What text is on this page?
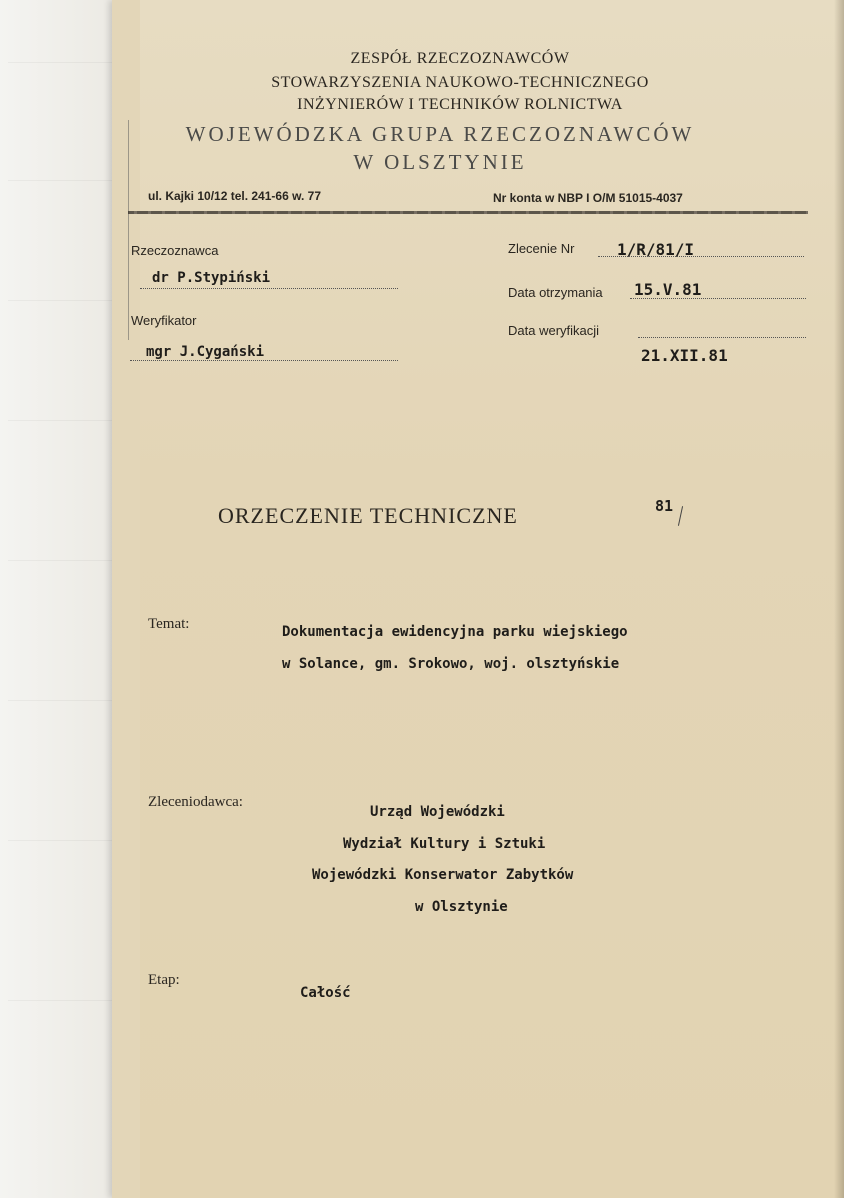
ZESPÓŁ RZECZOZNAWCÓW
STOWARZYSZENIA NAUKOWO-TECHNICZNEGO
INŻYNIERÓW I TECHNIKÓW ROLNICTWA
WOJEWÓDZKA GRUPA RZECZOZNAWCÓW
W OLSZTYNIE
ul. Kajki 10/12 tel. 241-66 w. 77	Nr konta w NBP I O/M 51015-4037
Rzeczoznawca
dr P.Stypiński
Weryfikator
mgr J.Cygański
Zlecenie Nr	1/R/81/I
Data otrzymania 15.V.81
Data weryfikacji
21.XII.81
ORZECZENIE TECHNICZNE	81
Temat:	Dokumentacja ewidencyjna parku wiejskiego
w Solance, gm. Srokowo, woj. olsztyńskie
Zleceniodawca:
Urząd Wojewódzki
Wydział Kultury i Sztuki
Wojewódzki Konserwator Zabytków
w Olsztynie
Etap:
Całość
